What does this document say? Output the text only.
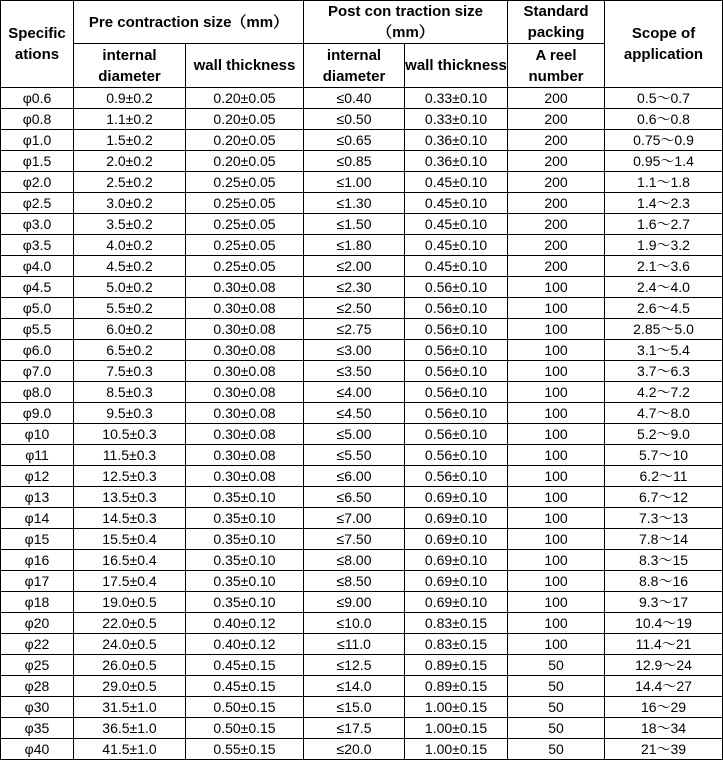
Specific ations	Pre contraction size（mm）		Post con traction size（mm）		Standard packing	Scope of application
	internal diameter	wall thickness	internal diameter	wall thickness	A reel number	
φ0.6	0.9±0.2	0.20±0.05	≤0.40	0.33±0.10	200	0.5～0.7
φ0.8	1.1±0.2	0.20±0.05	≤0.50	0.33±0.10	200	0.6～0.8
φ1.0	1.5±0.2	0.20±0.05	≤0.65	0.36±0.10	200	0.75～0.9
φ1.5	2.0±0.2	0.20±0.05	≤0.85	0.36±0.10	200	0.95～1.4
φ2.0	2.5±0.2	0.25±0.05	≤1.00	0.45±0.10	200	1.1～1.8
φ2.5	3.0±0.2	0.25±0.05	≤1.30	0.45±0.10	200	1.4～2.3
φ3.0	3.5±0.2	0.25±0.05	≤1.50	0.45±0.10	200	1.6～2.7
φ3.5	4.0±0.2	0.25±0.05	≤1.80	0.45±0.10	200	1.9～3.2
φ4.0	4.5±0.2	0.25±0.05	≤2.00	0.45±0.10	200	2.1～3.6
φ4.5	5.0±0.2	0.30±0.08	≤2.30	0.56±0.10	100	2.4～4.0
φ5.0	5.5±0.2	0.30±0.08	≤2.50	0.56±0.10	100	2.6～4.5
φ5.5	6.0±0.2	0.30±0.08	≤2.75	0.56±0.10	100	2.85～5.0
φ6.0	6.5±0.2	0.30±0.08	≤3.00	0.56±0.10	100	3.1～5.4
φ7.0	7.5±0.3	0.30±0.08	≤3.50	0.56±0.10	100	3.7～6.3
φ8.0	8.5±0.3	0.30±0.08	≤4.00	0.56±0.10	100	4.2～7.2
φ9.0	9.5±0.3	0.30±0.08	≤4.50	0.56±0.10	100	4.7～8.0
φ10	10.5±0.3	0.30±0.08	≤5.00	0.56±0.10	100	5.2～9.0
φ11	11.5±0.3	0.30±0.08	≤5.50	0.56±0.10	100	5.7～10
φ12	12.5±0.3	0.30±0.08	≤6.00	0.56±0.10	100	6.2～11
φ13	13.5±0.3	0.35±0.10	≤6.50	0.69±0.10	100	6.7～12
φ14	14.5±0.3	0.35±0.10	≤7.00	0.69±0.10	100	7.3～13
φ15	15.5±0.4	0.35±0.10	≤7.50	0.69±0.10	100	7.8～14
φ16	16.5±0.4	0.35±0.10	≤8.00	0.69±0.10	100	8.3～15
φ17	17.5±0.4	0.35±0.10	≤8.50	0.69±0.10	100	8.8～16
φ18	19.0±0.5	0.35±0.10	≤9.00	0.69±0.10	100	9.3～17
φ20	22.0±0.5	0.40±0.12	≤10.0	0.83±0.15	100	10.4～19
φ22	24.0±0.5	0.40±0.12	≤11.0	0.83±0.15	100	11.4～21
φ25	26.0±0.5	0.45±0.15	≤12.5	0.89±0.15	50	12.9～24
φ28	29.0±0.5	0.45±0.15	≤14.0	0.89±0.15	50	14.4～27
φ30	31.5±1.0	0.50±0.15	≤15.0	1.00±0.15	50	16～29
φ35	36.5±1.0	0.50±0.15	≤17.5	1.00±0.15	50	18～34
φ40	41.5±1.0	0.55±0.15	≤20.0	1.00±0.15	50	21～39
